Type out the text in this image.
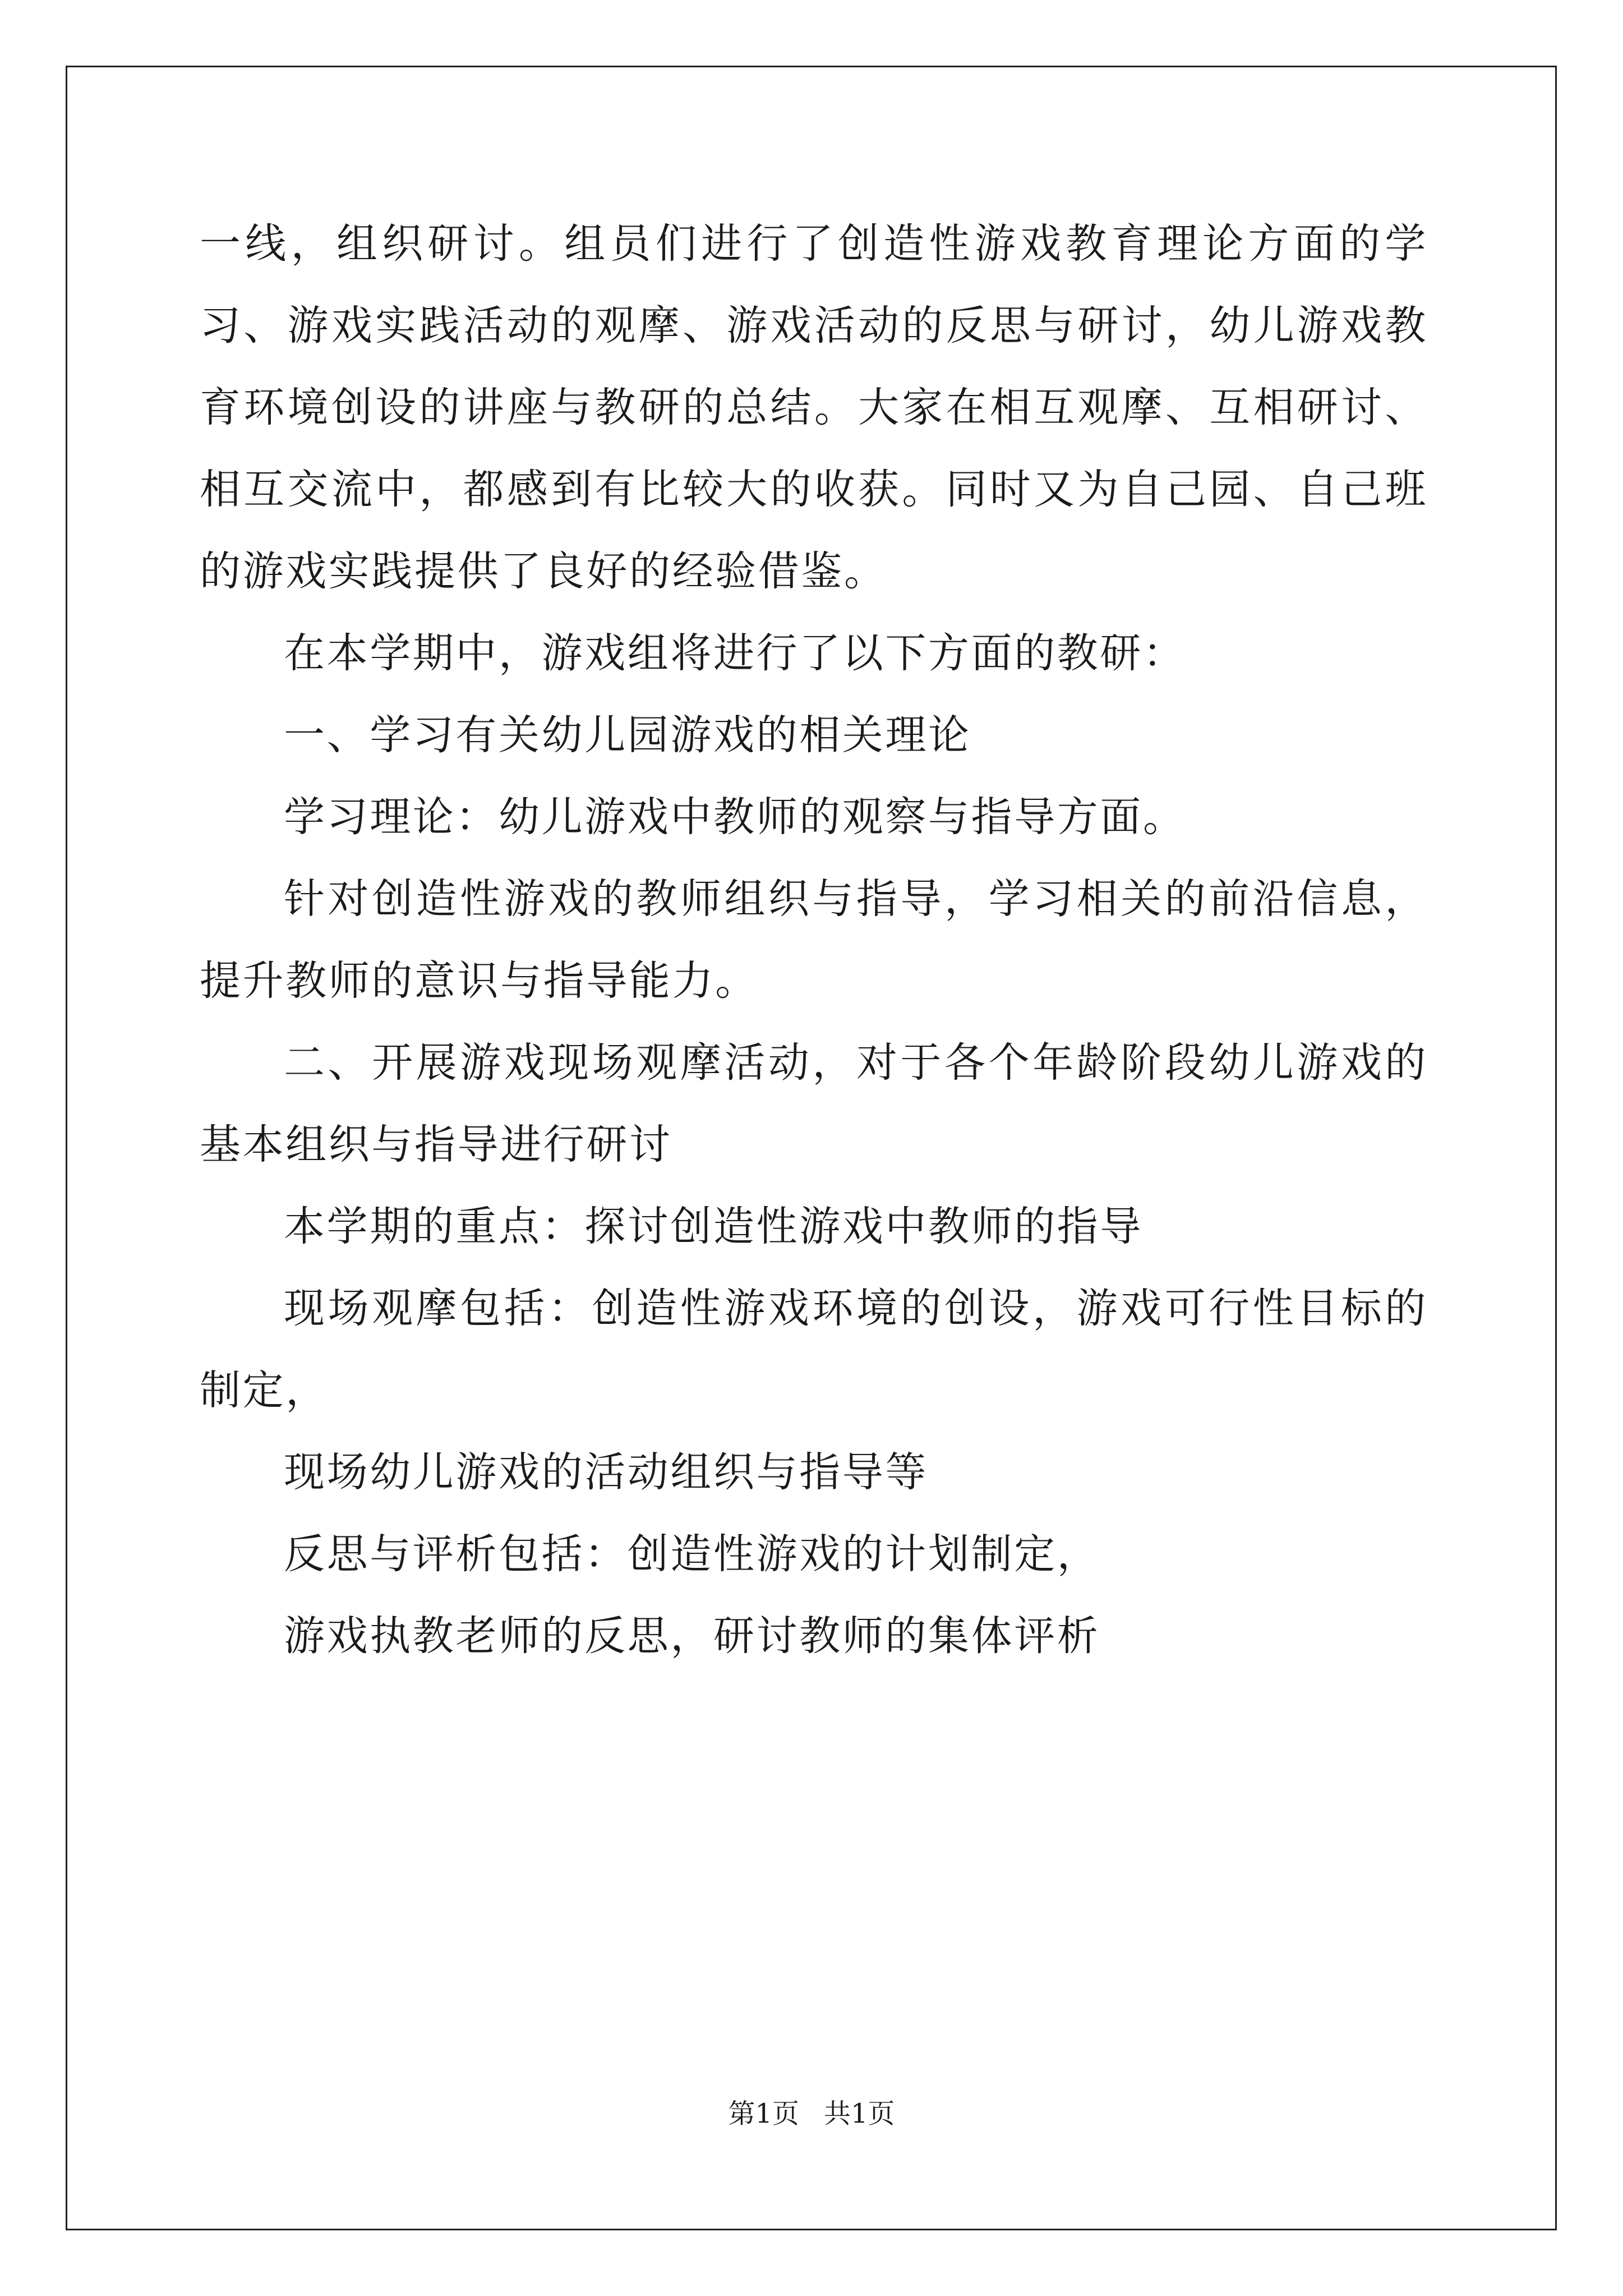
一线，组织研讨。组员们进行了创造性游戏教育理论方面的学习、游戏实践活动的观摩、游戏活动的反思与研讨，幼儿游戏教育环境创设的讲座与教研的总结。大家在相互观摩、互相研讨、相互交流中，都感到有比较大的收获。同时又为自己园、自己班的游戏实践提供了良好的经验借鉴。

在本学期中，游戏组将进行了以下方面的教研：

一、学习有关幼儿园游戏的相关理论

学习理论：幼儿游戏中教师的观察与指导方面。

针对创造性游戏的教师组织与指导，学习相关的前沿信息，提升教师的意识与指导能力。

二、开展游戏现场观摩活动，对于各个年龄阶段幼儿游戏的基本组织与指导进行研讨

本学期的重点：探讨创造性游戏中教师的指导

现场观摩包括：创造性游戏环境的创设，游戏可行性目标的制定，

现场幼儿游戏的活动组织与指导等

反思与评析包括：创造性游戏的计划制定，

游戏执教老师的反思，研讨教师的集体评析

第1页 共1页
